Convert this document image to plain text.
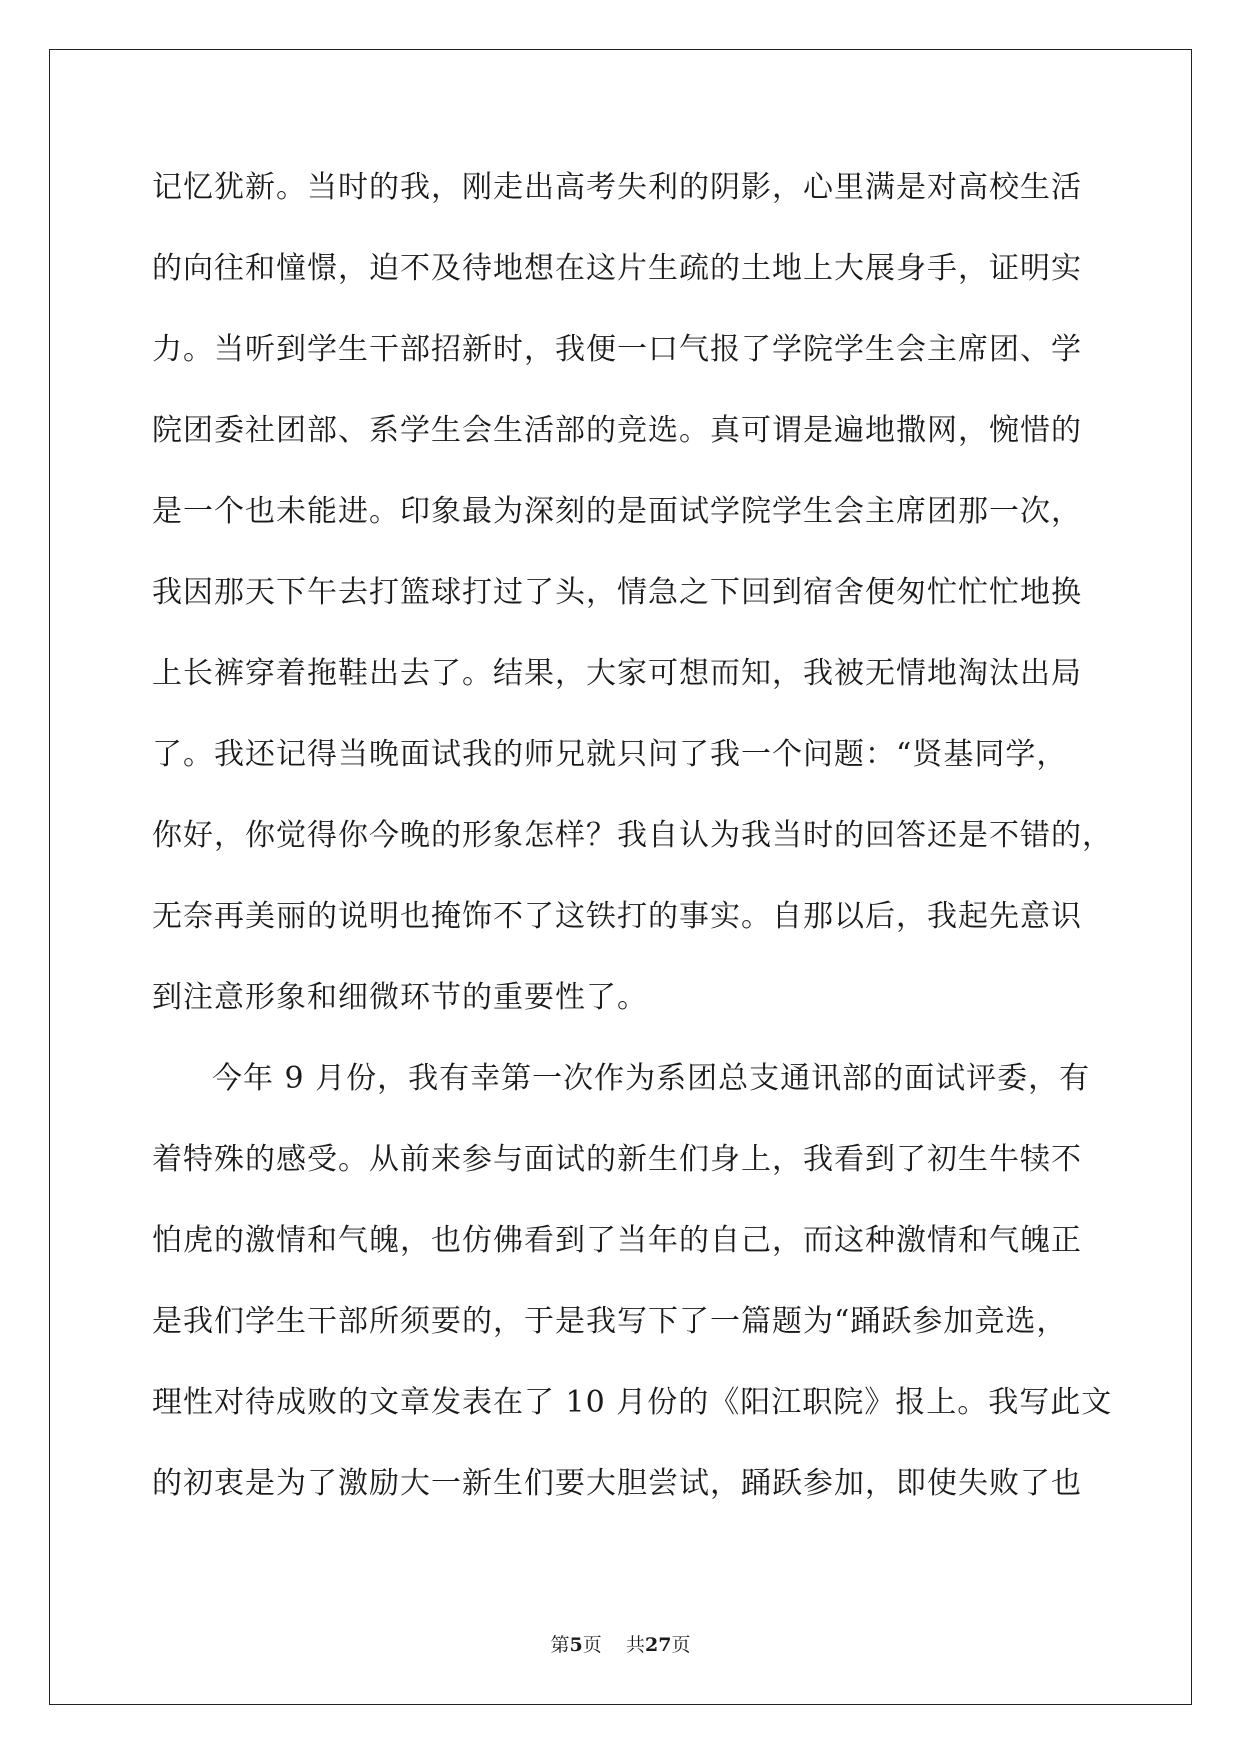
记忆犹新。当时的我，刚走出高考失利的阴影，心里满是对高校生活
的向往和憧憬，迫不及待地想在这片生疏的土地上大展身手，证明实
力。当听到学生干部招新时，我便一口气报了学院学生会主席团、学
院团委社团部、系学生会生活部的竞选。真可谓是遍地撒网，惋惜的
是一个也未能进。印象最为深刻的是面试学院学生会主席团那一次，
我因那天下午去打篮球打过了头，情急之下回到宿舍便匆忙忙忙地换
上长裤穿着拖鞋出去了。结果，大家可想而知，我被无情地淘汰出局
了。我还记得当晚面试我的师兄就只问了我一个问题：“贤基同学，
你好，你觉得你今晚的形象怎样？我自认为我当时的回答还是不错的，
无奈再美丽的说明也掩饰不了这铁打的事实。自那以后，我起先意识
到注意形象和细微环节的重要性了。
今年 9 月份，我有幸第一次作为系团总支通讯部的面试评委，有
着特殊的感受。从前来参与面试的新生们身上，我看到了初生牛犊不
怕虎的激情和气魄，也仿佛看到了当年的自己，而这种激情和气魄正
是我们学生干部所须要的，于是我写下了一篇题为“踊跃参加竞选，
理性对待成败的文章发表在了 10 月份的《阳江职院》报上。我写此文
的初衷是为了激励大一新生们要大胆尝试，踊跃参加，即使失败了也
第5页 共27页
